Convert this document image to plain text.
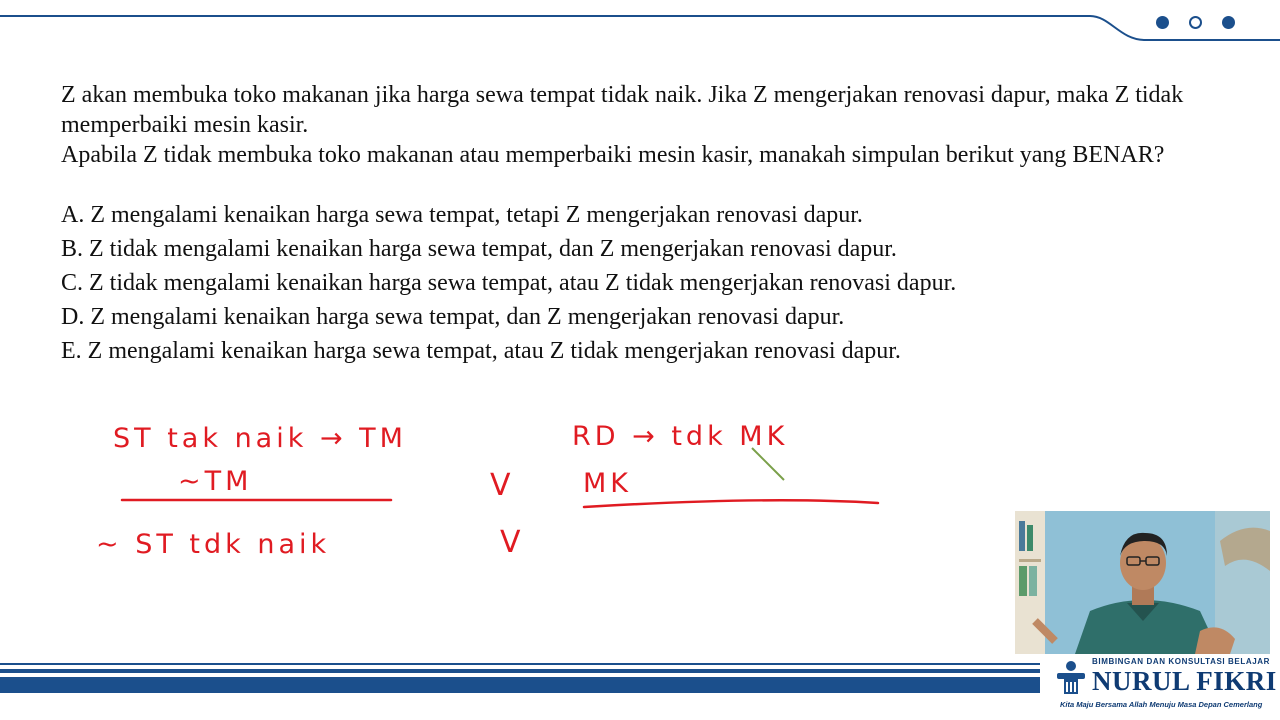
Z akan membuka toko makanan jika harga sewa tempat tidak naik. Jika Z mengerjakan renovasi dapur, maka Z tidak memperbaiki mesin kasir.

Apabila Z tidak membuka toko makanan atau memperbaiki mesin kasir, manakah simpulan berikut yang BENAR?

A. Z mengalami kenaikan harga sewa tempat, tetapi Z mengerjakan renovasi dapur.
B. Z tidak mengalami kenaikan harga sewa tempat, dan Z mengerjakan renovasi dapur.
C. Z tidak mengalami kenaikan harga sewa tempat, atau Z tidak mengerjakan renovasi dapur.
D. Z mengalami kenaikan harga sewa tempat, dan Z mengerjakan renovasi dapur.
E. Z mengalami kenaikan harga sewa tempat, atau Z tidak mengerjakan renovasi dapur.
ST tak naik → TM
~TM
~ ST tdk naik
V
V
RD → tdk MK
MK
BIMBINGAN DAN KONSULTASI BELAJAR
NURUL FIKRI
Kita Maju Bersama Allah Menuju Masa Depan Cemerlang
